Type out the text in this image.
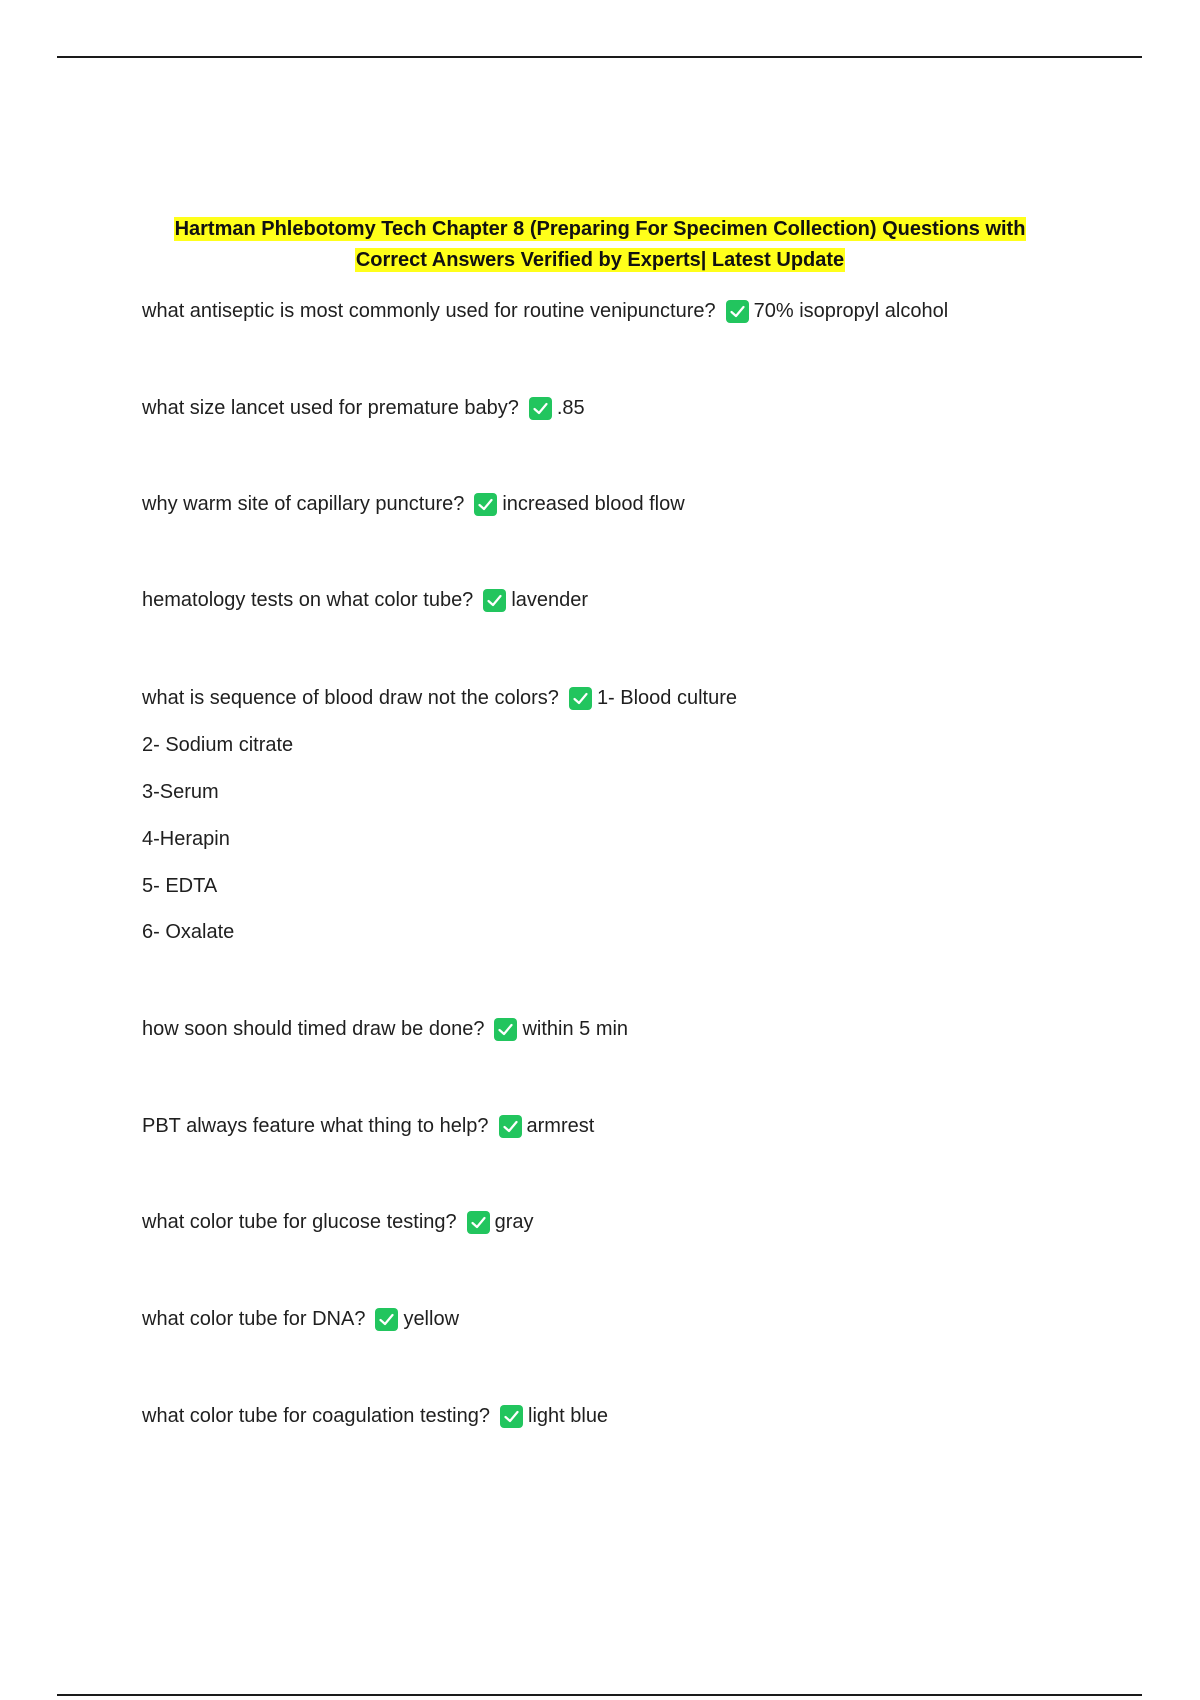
Hartman Phlebotomy Tech Chapter 8 (Preparing For Specimen Collection) Questions with
Correct Answers Verified by Experts| Latest Update
what antiseptic is most commonly used for routine venipuncture? 70% isopropyl alcohol
what size lancet used for premature baby? .85
why warm site of capillary puncture? increased blood flow
hematology tests on what color tube? lavender
what is sequence of blood draw not the colors? 1- Blood culture
2- Sodium citrate
3-Serum
4-Herapin
5- EDTA
6- Oxalate
how soon should timed draw be done? within 5 min
PBT always feature what thing to help? armrest
what color tube for glucose testing? gray
what color tube for DNA? yellow
what color tube for coagulation testing? light blue
